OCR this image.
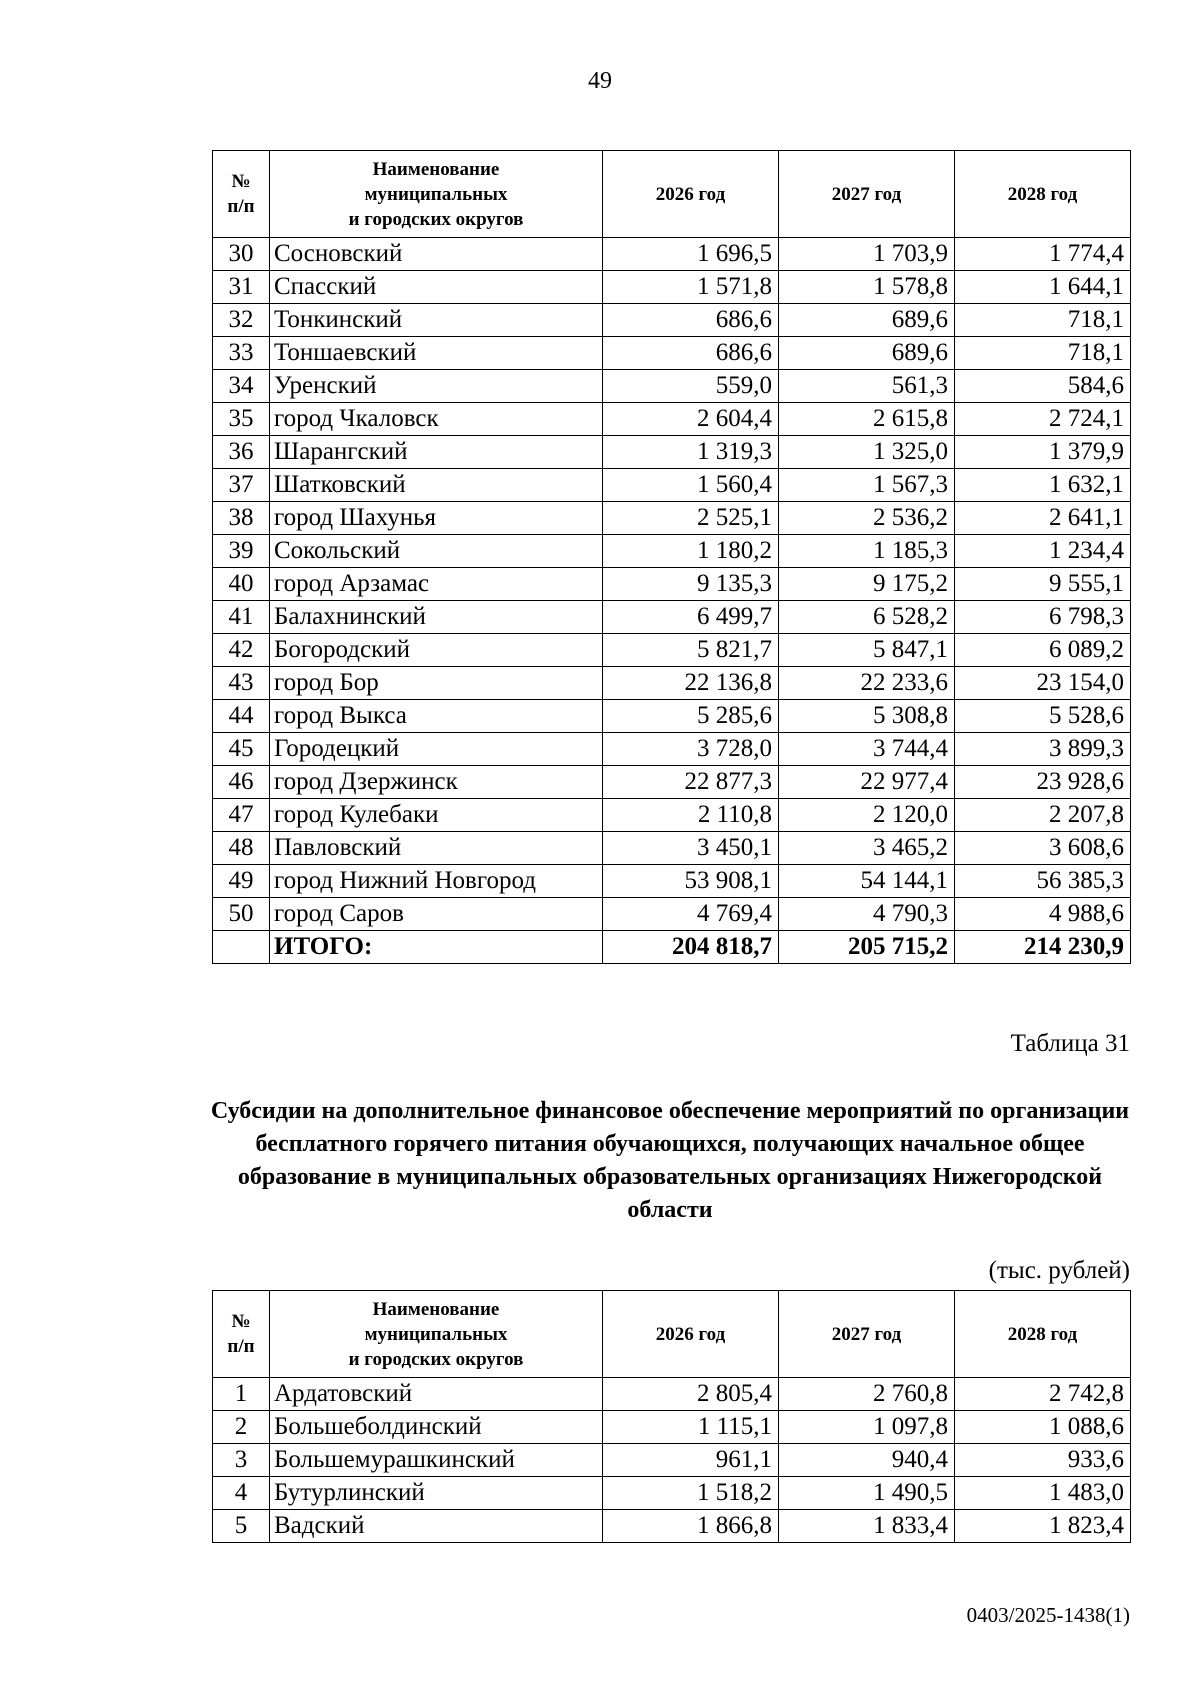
49
№
п/п	Наименование
муниципальных
и городских округов	2026 год	2027 год	2028 год
30	Сосновский	1 696,5	1 703,9	1 774,4
31	Спасский	1 571,8	1 578,8	1 644,1
32	Тонкинский	686,6	689,6	718,1
33	Тоншаевский	686,6	689,6	718,1
34	Уренский	559,0	561,3	584,6
35	город Чкаловск	2 604,4	2 615,8	2 724,1
36	Шарангский	1 319,3	1 325,0	1 379,9
37	Шатковский	1 560,4	1 567,3	1 632,1
38	город Шахунья	2 525,1	2 536,2	2 641,1
39	Сокольский	1 180,2	1 185,3	1 234,4
40	город Арзамас	9 135,3	9 175,2	9 555,1
41	Балахнинский	6 499,7	6 528,2	6 798,3
42	Богородский	5 821,7	5 847,1	6 089,2
43	город Бор	22 136,8	22 233,6	23 154,0
44	город Выкса	5 285,6	5 308,8	5 528,6
45	Городецкий	3 728,0	3 744,4	3 899,3
46	город Дзержинск	22 877,3	22 977,4	23 928,6
47	город Кулебаки	2 110,8	2 120,0	2 207,8
48	Павловский	3 450,1	3 465,2	3 608,6
49	город Нижний Новгород	53 908,1	54 144,1	56 385,3
50	город Саров	4 769,4	4 790,3	4 988,6
	ИТОГО:	204 818,7	205 715,2	214 230,9
Таблица 31
Субсидии на дополнительное финансовое обеспечение мероприятий по организации бесплатного горячего питания обучающихся, получающих начальное общее образование в муниципальных образовательных организациях Нижегородской области
(тыс. рублей)
№
п/п	Наименование
муниципальных
и городских округов	2026 год	2027 год	2028 год
1	Ардатовский	2 805,4	2 760,8	2 742,8
2	Большеболдинский	1 115,1	1 097,8	1 088,6
3	Большемурашкинский	961,1	940,4	933,6
4	Бутурлинский	1 518,2	1 490,5	1 483,0
5	Вадский	1 866,8	1 833,4	1 823,4
0403/2025-1438(1)
